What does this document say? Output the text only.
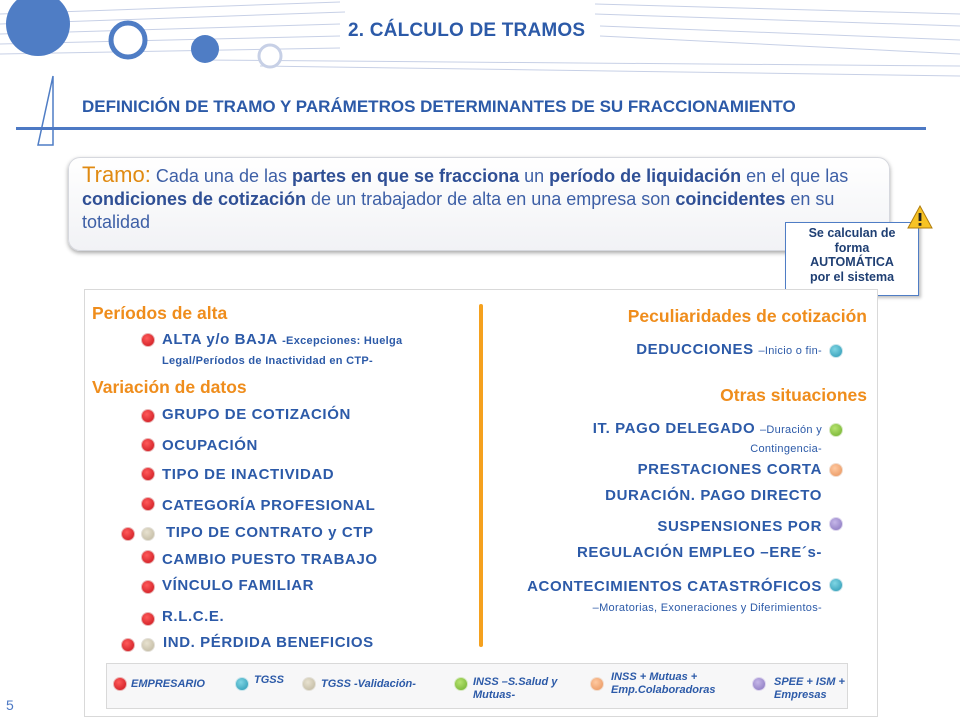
2. CÁLCULO DE TRAMOS
DEFINICIÓN DE TRAMO Y PARÁMETROS DETERMINANTES DE SU FRACCIONAMIENTO
Tramo: Cada una de las partes en que se fracciona un período de liquidación en el que las condiciones de cotización de un trabajador de alta en una empresa son coincidentes en su totalidad
Se calculan de
forma
AUTOMÁTICA
por el sistema
Períodos de alta
ALTA y/o BAJA -Excepciones: Huelga
Legal/Períodos de Inactividad en CTP-
Variación de datos
GRUPO DE COTIZACIÓN
OCUPACIÓN
TIPO DE INACTIVIDAD
CATEGORÍA PROFESIONAL
TIPO DE CONTRATO y CTP
CAMBIO PUESTO TRABAJO
VÍNCULO FAMILIAR
R.L.C.E.
IND. PÉRDIDA BENEFICIOS
Peculiaridades de cotización
DEDUCCIONES –Inicio o fin-
Otras situaciones
IT. PAGO DELEGADO –Duración y
Contingencia-
PRESTACIONES CORTA
DURACIÓN. PAGO DIRECTO
SUSPENSIONES POR
REGULACIÓN EMPLEO –ERE´s-
ACONTECIMIENTOS CATASTRÓFICOS
–Moratorias, Exoneraciones y Diferimientos-
EMPRESARIO	TGSS	TGSS -Validación-	INSS –S.Salud y
Mutuas-
INSS + Mutuas +
Emp.Colaboradoras
SPEE + ISM +
Empresas
5
